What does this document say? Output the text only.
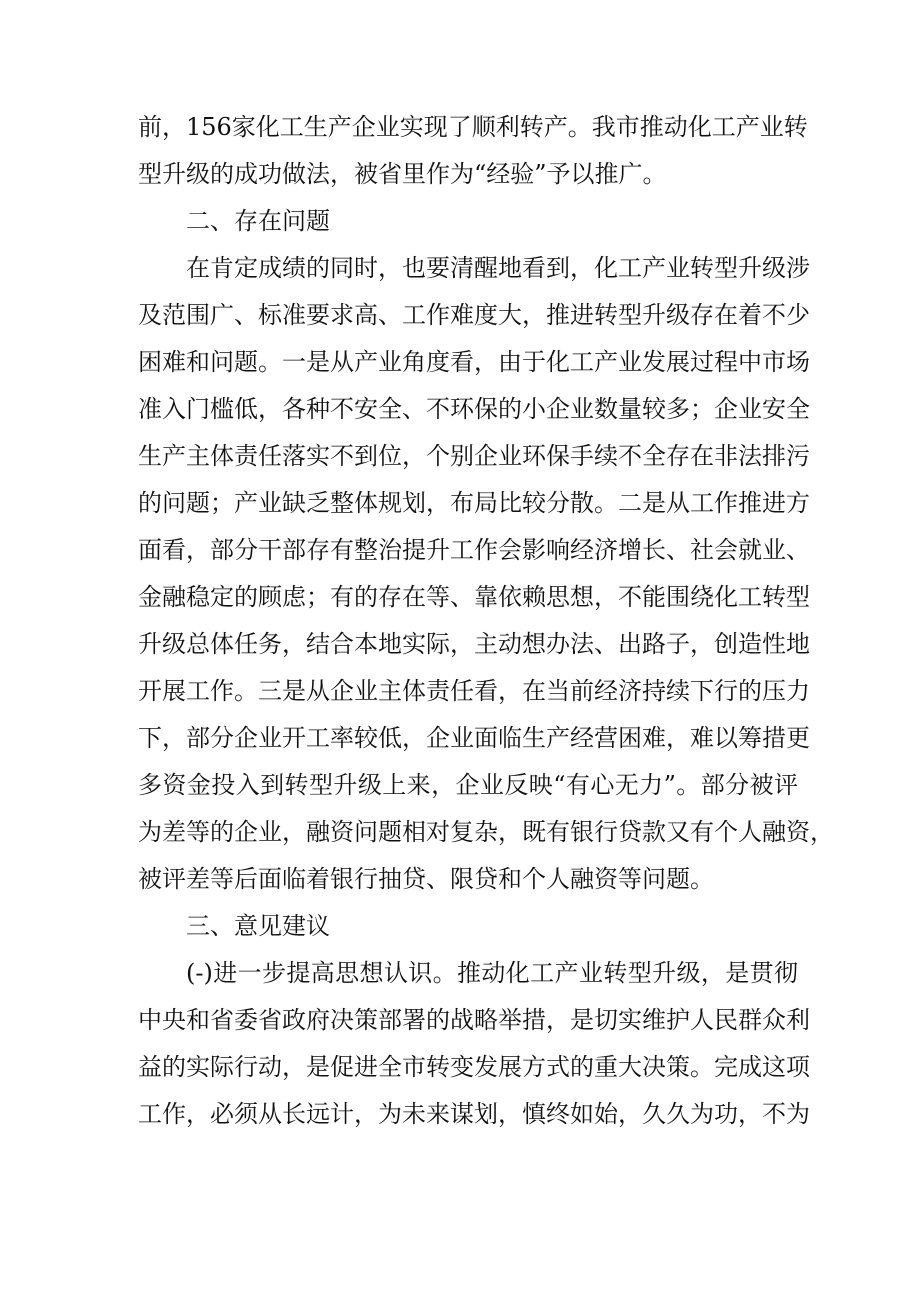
前，156家化工生产企业实现了顺利转产。我市推动化工产业转
型升级的成功做法，被省里作为“经验”予以推广。
二、存在问题
在肯定成绩的同时，也要清醒地看到，化工产业转型升级涉
及范围广、标准要求高、工作难度大，推进转型升级存在着不少
困难和问题。一是从产业角度看，由于化工产业发展过程中市场
准入门槛低，各种不安全、不环保的小企业数量较多；企业安全
生产主体责任落实不到位，个别企业环保手续不全存在非法排污
的问题；产业缺乏整体规划，布局比较分散。二是从工作推进方
面看，部分干部存有整治提升工作会影响经济增长、社会就业、
金融稳定的顾虑；有的存在等、靠依赖思想，不能围绕化工转型
升级总体任务，结合本地实际，主动想办法、出路子，创造性地
开展工作。三是从企业主体责任看，在当前经济持续下行的压力
下，部分企业开工率较低，企业面临生产经营困难，难以筹措更
多资金投入到转型升级上来，企业反映“有心无力”。部分被评
为差等的企业，融资问题相对复杂，既有银行贷款又有个人融资，
被评差等后面临着银行抽贷、限贷和个人融资等问题。
三、意见建议
(-)进一步提高思想认识。推动化工产业转型升级，是贯彻
中央和省委省政府决策部署的战略举措，是切实维护人民群众利
益的实际行动，是促进全市转变发展方式的重大决策。完成这项
工作，必须从长远计，为未来谋划，慎终如始，久久为功，不为
